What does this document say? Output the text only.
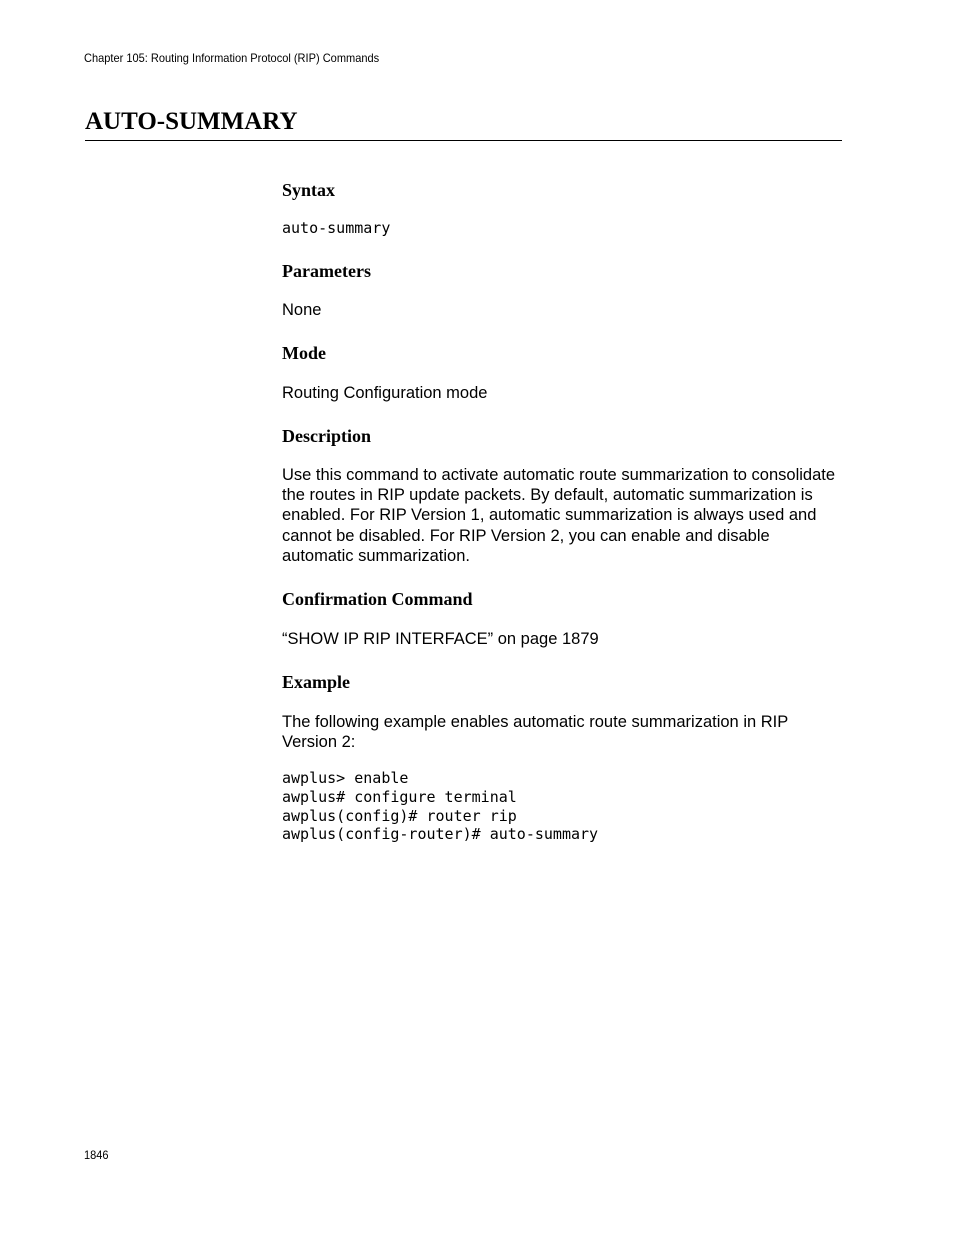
Chapter 105: Routing Information Protocol (RIP) Commands
AUTO-SUMMARY
Syntax
auto-summary
Parameters

None

Mode

Routing Configuration mode

Description

Use this command to activate automatic route summarization to consolidate the routes in RIP update packets. By default, automatic summarization is enabled. For RIP Version 1, automatic summarization is always used and cannot be disabled. For RIP Version 2, you can enable and disable automatic summarization.

Confirmation Command

“SHOW IP RIP INTERFACE” on page 1879

Example

The following example enables automatic route summarization in RIP Version 2:

awplus> enable
awplus# configure terminal
awplus(config)# router rip
awplus(config-router)# auto-summary
1846
